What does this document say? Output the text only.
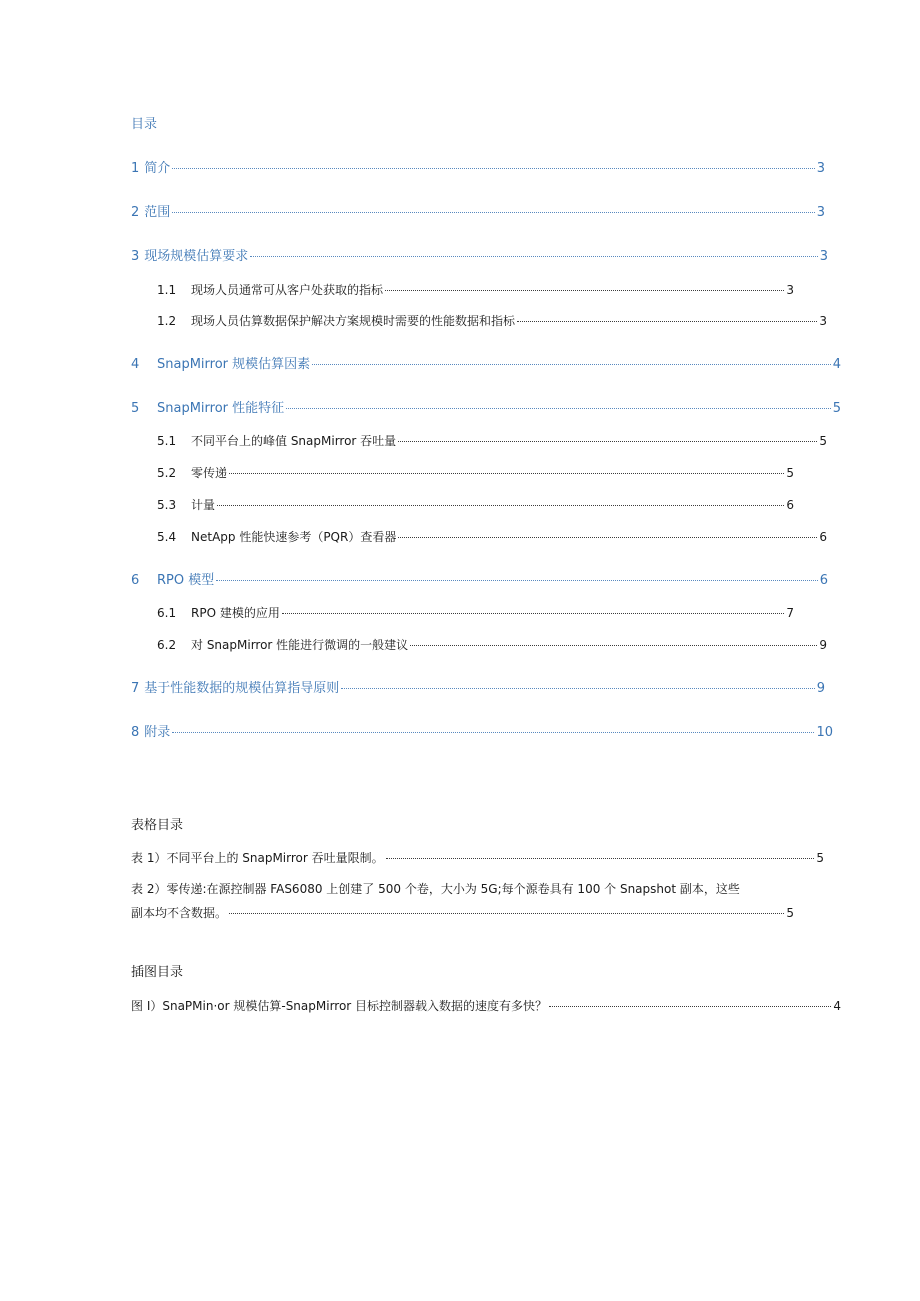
目录
1 简介	3
2 范围	3
3 现场规模估算要求	3
1.1	现场人员通常可从客户处获取的指标	3
1.2	现场人员估算数据保护解决方案规模时需要的性能数据和指标	3
4	SnapMirror 规模估算因素	4
5	SnapMirror 性能特征	5
5.1	不同平台上的峰值 SnapMirror 吞吐量	5
5.2	零传递	5
5.3	计量	6
5.4	NetApp 性能快速参考（PQR）查看器	6
6	RPO 模型	6
6.1	RPO 建模的应用	7
6.2	对 SnapMirror 性能进行微调的一般建议	9
7 基于性能数据的规模估算指导原则	9
8 附录	10
表格目录
表 1）不同平台上的 SnapMirror 吞吐量限制。	5
表 2）零传递:在源控制器 FAS6080 上创建了 500 个卷，大小为 5G;每个源卷具有 100 个 Snapshot 副本，这些
副本均不含数据。	5
插图目录
图 I）SnaPMin·or 规模估算-SnapMirror 目标控制器载入数据的速度有多快？	4
